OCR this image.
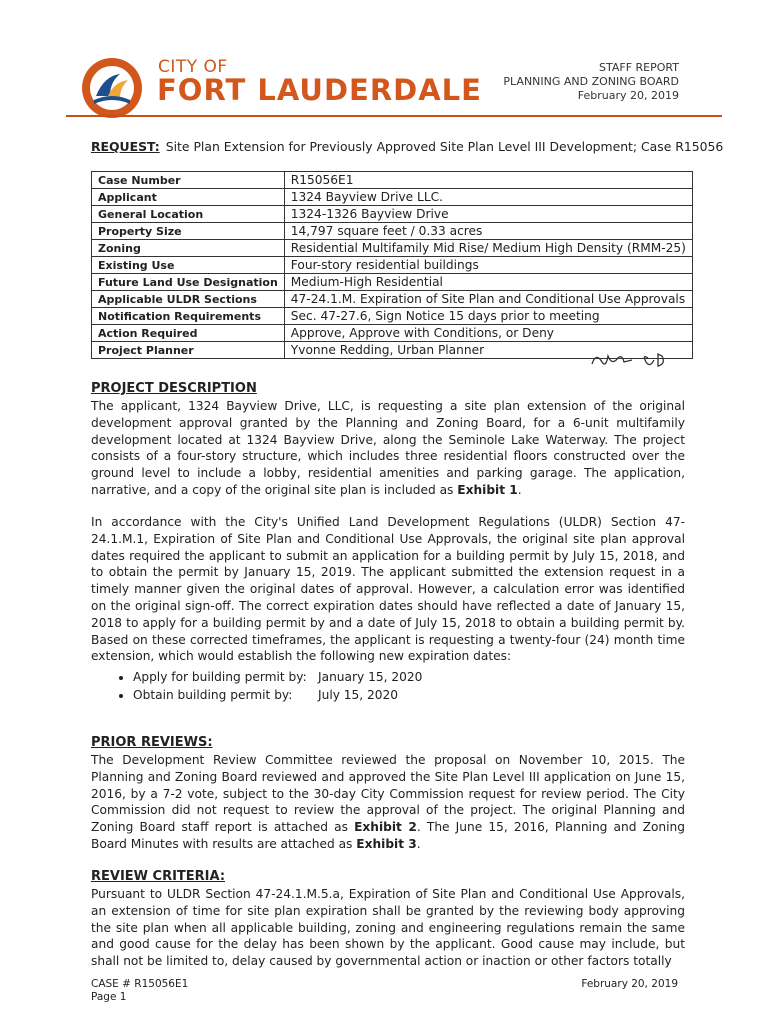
CITY OF
FORT LAUDERDALE
STAFF REPORT
PLANNING AND ZONING BOARD
February 20, 2019
REQUEST: Site Plan Extension for Previously Approved Site Plan Level III Development; Case R15056
Case Number	R15056E1
Applicant	1324 Bayview Drive LLC.
General Location	1324-1326 Bayview Drive
Property Size	14,797 square feet / 0.33 acres
Zoning	Residential Multifamily Mid Rise/ Medium High Density (RMM-25)
Existing Use	Four-story residential buildings
Future Land Use Designation	Medium-High Residential
Applicable ULDR Sections	47-24.1.M. Expiration of Site Plan and Conditional Use Approvals
Notification Requirements	Sec. 47-27.6, Sign Notice 15 days prior to meeting
Action Required	Approve, Approve with Conditions, or Deny
Project Planner	Yvonne Redding, Urban Planner
PROJECT DESCRIPTION
The applicant, 1324 Bayview Drive, LLC, is requesting a site plan extension of the original development approval granted by the Planning and Zoning Board, for a 6-unit multifamily development located at 1324 Bayview Drive, along the Seminole Lake Waterway. The project consists of a four-story structure, which includes three residential floors constructed over the ground level to include a lobby, residential amenities and parking garage. The application, narrative, and a copy of the original site plan is included as Exhibit 1.
In accordance with the City's Unified Land Development Regulations (ULDR) Section 47-24.1.M.1, Expiration of Site Plan and Conditional Use Approvals, the original site plan approval dates required the applicant to submit an application for a building permit by July 15, 2018, and to obtain the permit by January 15, 2019. The applicant submitted the extension request in a timely manner given the original dates of approval. However, a calculation error was identified on the original sign-off. The correct expiration dates should have reflected a date of January 15, 2018 to apply for a building permit by and a date of July 15, 2018 to obtain a building permit by. Based on these corrected timeframes, the applicant is requesting a twenty-four (24) month time extension, which would establish the following new expiration dates:
• Apply for building permit by: January 15, 2020
• Obtain building permit by: July 15, 2020
PRIOR REVIEWS:
The Development Review Committee reviewed the proposal on November 10, 2015. The Planning and Zoning Board reviewed and approved the Site Plan Level III application on June 15, 2016, by a 7-2 vote, subject to the 30-day City Commission request for review period. The City Commission did not request to review the approval of the project. The original Planning and Zoning Board staff report is attached as Exhibit 2. The June 15, 2016, Planning and Zoning Board Minutes with results are attached as Exhibit 3.
REVIEW CRITERIA:
Pursuant to ULDR Section 47-24.1.M.5.a, Expiration of Site Plan and Conditional Use Approvals, an extension of time for site plan expiration shall be granted by the reviewing body approving the site plan when all applicable building, zoning and engineering regulations remain the same and good cause for the delay has been shown by the applicant. Good cause may include, but shall not be limited to, delay caused by governmental action or inaction or other factors totally
CASE # R15056E1
Page 1
February 20, 2019
